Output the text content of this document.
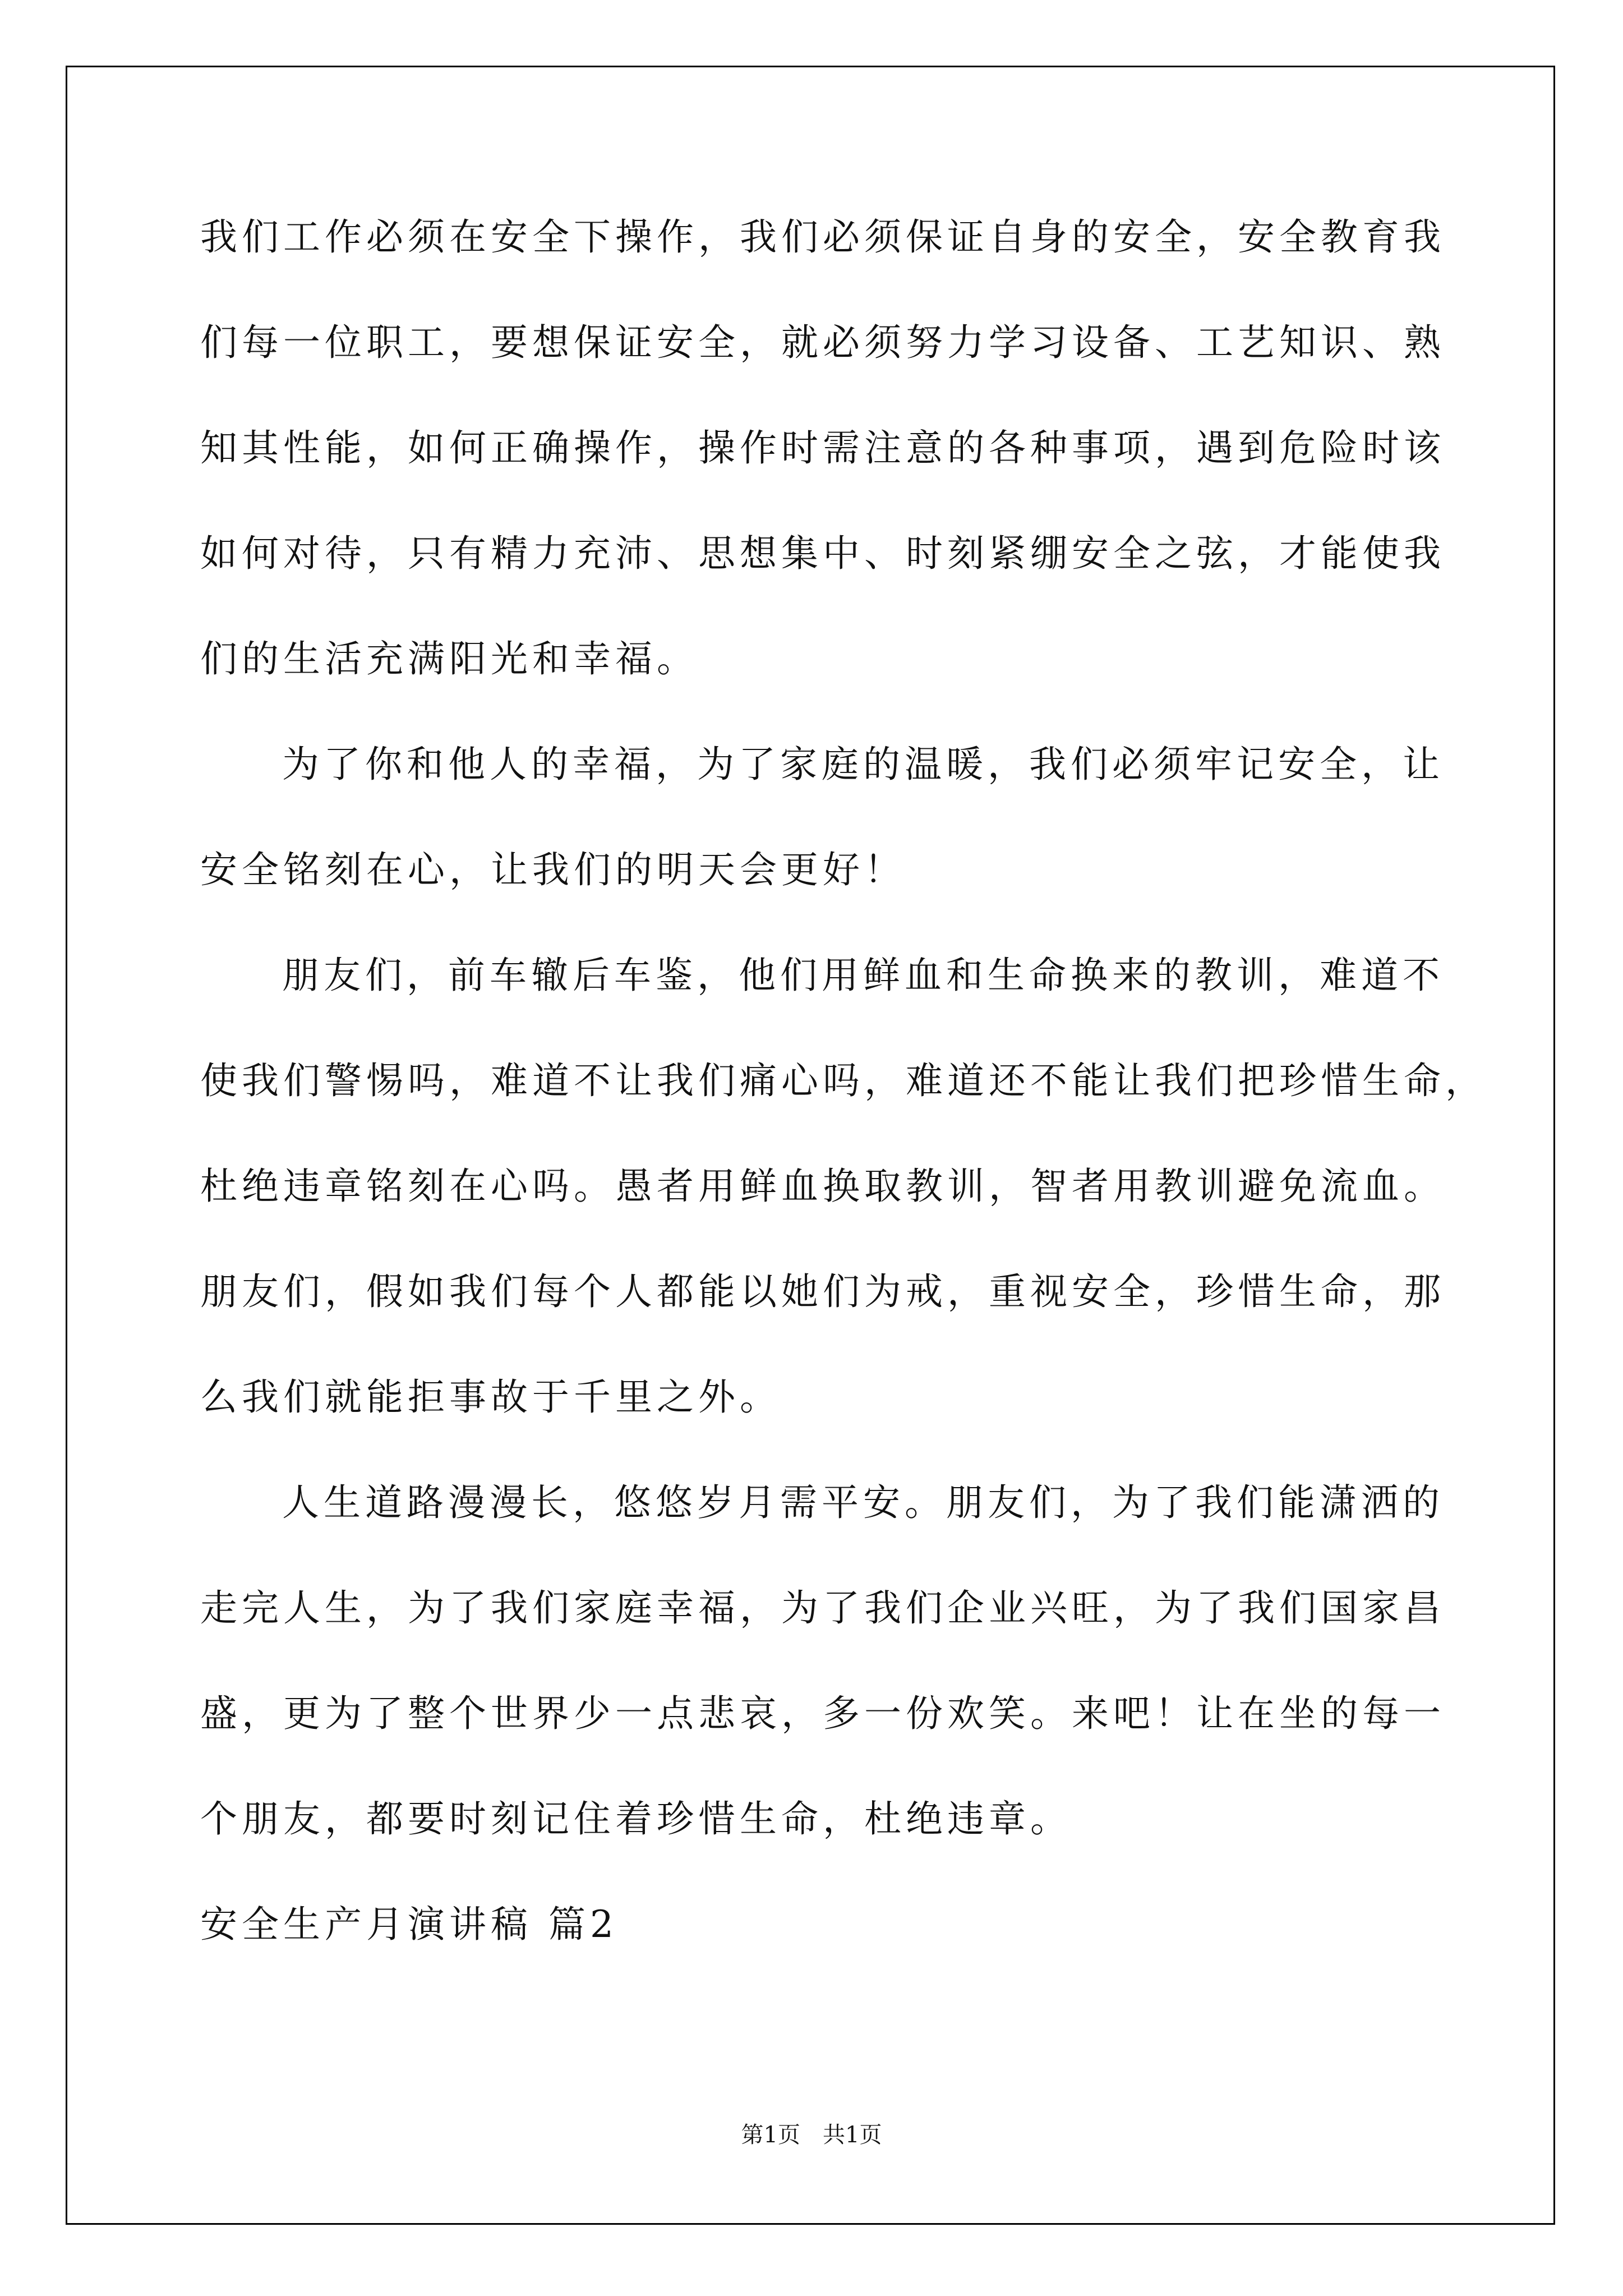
我们工作必须在安全下操作，我们必须保证自身的安全，安全教育我
们每一位职工，要想保证安全，就必须努力学习设备、工艺知识、熟
知其性能，如何正确操作，操作时需注意的各种事项，遇到危险时该
如何对待，只有精力充沛、思想集中、时刻紧绷安全之弦，才能使我
们的生活充满阳光和幸福。
为了你和他人的幸福，为了家庭的温暖，我们必须牢记安全，让
安全铭刻在心，让我们的明天会更好！
朋友们，前车辙后车鉴，他们用鲜血和生命换来的教训，难道不
使我们警惕吗，难道不让我们痛心吗，难道还不能让我们把珍惜生命，
杜绝违章铭刻在心吗。愚者用鲜血换取教训，智者用教训避免流血。
朋友们，假如我们每个人都能以她们为戒，重视安全，珍惜生命，那
么我们就能拒事故于千里之外。
人生道路漫漫长，悠悠岁月需平安。朋友们，为了我们能潇洒的
走完人生，为了我们家庭幸福，为了我们企业兴旺，为了我们国家昌
盛，更为了整个世界少一点悲哀，多一份欢笑。来吧！让在坐的每一
个朋友，都要时刻记住着珍惜生命，杜绝违章。
安全生产月演讲稿 篇2
第1页　共1页
